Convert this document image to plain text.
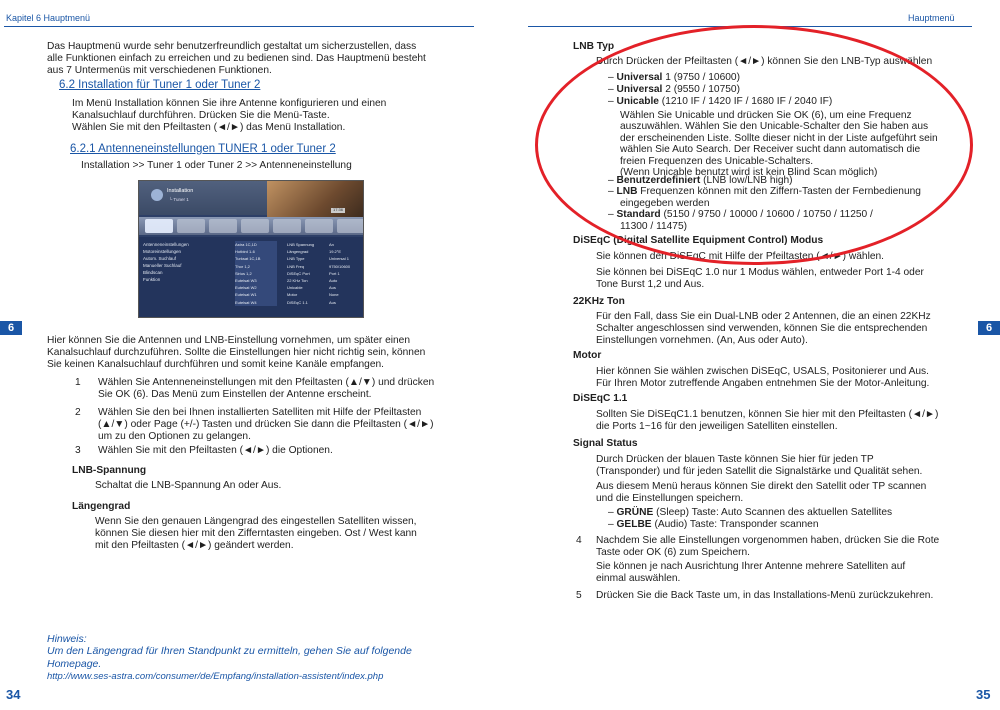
Kapitel 6 Hauptmenü
Das Hauptmenü wurde sehr benutzerfreundlich gestaltat um sicherzustellen, dass
alle Funktionen einfach zu erreichen und zu bedienen sind. Das Hauptmenü besteht
aus 7 Untermenüs mit verschiedenen Funktionen.
6.2 Installation für Tuner 1 oder Tuner 2
Im Menü Installation können Sie ihre Antenne konfigurieren und einen
Kanalsuchlauf durchführen. Drücken Sie die Menü-Taste.
Wählen Sie mit den Pfeiltasten (◄/►) das Menü Installation.
6.2.1 Antenneneinstellungen TUNER 1 oder Tuner 2
Installation >> Tuner 1 oder Tuner 2 >> Antenneneinstellung
Installation
└ Tuner 1
17:36
Antenneneinstellungen
Motoreinstellungen
Autom. Suchlauf
Manueller Suchlauf
Blindscan
Funktion
Astra 1C,1D
Hotbird 1-6
Turksat 1C,1B
Thor 1,2
Sirius 1,2
Eutelsat W3
Eutelsat W2
Eutelsat W1
Eutelsat W4
LNB Spannung
Längengrad
LNB Type
LNB Freq
DiSEqC Port
22 KHz Ton
Unicable
Motor
DiSEqC 1.1
An
19.2°E
Universal 1
9750/10600
Port 1
Auto
Aus
None
Aus
6
Hier können Sie die Antennen und LNB-Einstellung vornehmen, um später einen
Kanalsuchlauf durchzuführen. Sollte die Einstellungen hier nicht richtig sein, können
Sie keinen Kanalsuchlauf durchführen und somit keine Kanäle empfangen.
1 Wählen Sie Antenneneinstellungen mit den Pfeiltasten (▲/▼) und drücken
Sie OK (6). Das Menü zum Einstellen der Antenne erscheint.
2 Wählen Sie den bei Ihnen installierten Satelliten mit Hilfe der Pfeiltasten
(▲/▼) oder Page (+/-) Tasten und drücken Sie dann die Pfeiltasten (◄/►)
um zu den Optionen zu gelangen.
3 Wählen Sie mit den Pfeiltasten (◄/►) die Optionen.
LNB-Spannung
Schaltat die LNB-Spannung An oder Aus.
Längengrad
Wenn Sie den genauen Längengrad des eingestellen Satelliten wissen,
können Sie diesen hier mit den Zifferntasten eingeben. Ost / West kann
mit den Pfeiltasten (◄/►) geändert werden.
Hinweis:
Um den Längengrad für Ihren Standpunkt zu ermitteln, gehen Sie auf folgende
Homepage.
http://www.ses-astra.com/consumer/de/Empfang/installation-assistent/index.php
34
Hauptmenü
LNB Typ
Durch Drücken der Pfeiltasten (◄/►) können Sie den LNB-Typ auswählen
– Universal 1 (9750 / 10600)
– Universal 2 (9550 / 10750)
– Unicable (1210 IF / 1420 IF / 1680 IF / 2040 IF)
Wählen Sie Unicable und drücken Sie OK (6), um eine Frequenz
auszuwählen. Wählen Sie den Unicable-Schalter den Sie haben aus
der erscheinenden Liste. Sollte dieser nicht in der Liste aufgeführt sein
wählen Sie Auto Search. Der Receiver sucht dann automatisch die
freien Frequenzen des Unicable-Schalters.
(Wenn Unicable benutzt wird ist kein Blind Scan möglich)
– Benutzerdefiniert (LNB low/LNB high)
– LNB Frequenzen können mit den Ziffern-Tasten der Fernbedienung
eingegeben werden
– Standard (5150 / 9750 / 10000 / 10600 / 10750 / 11250 /
11300 / 11475)
DiSEqC (Digital Satellite Equipment Control) Modus
Sie können den DiSEqC mit Hilfe der Pfeiltasten (◄/►) wählen.
Sie können bei DiSEqC 1.0 nur 1 Modus wählen, entweder Port 1-4 oder
Tone Burst 1,2 und Aus.
22KHz Ton
Für den Fall, dass Sie ein Dual-LNB oder 2 Antennen, die an einen 22KHz
Schalter angeschlossen sind verwenden, können Sie die entsprechenden
Einstellungen vornehmen. (An, Aus oder Auto).
Motor
Hier können Sie wählen zwischen DiSEqC, USALS, Positonierer und Aus.
Für Ihren Motor zutreffende Angaben entnehmen Sie der Motor-Anleitung.
DiSEqC 1.1
Sollten Sie DiSEqC1.1 benutzen, können Sie hier mit den Pfeiltasten (◄/►)
die Ports 1~16 für den jeweiligen Satelliten einstellen.
Signal Status
Durch Drücken der blauen Taste können Sie hier für jeden TP
(Transponder) und für jeden Satellit die Signalstärke und Qualität sehen.
Aus diesem Menü heraus können Sie direkt den Satellit oder TP scannen
und die Einstellungen speichern.
– GRÜNE (Sleep) Taste: Auto Scannen des aktuellen Satellites
– GELBE (Audio) Taste: Transponder scannen
4 Nachdem Sie alle Einstellungen vorgenommen haben, drücken Sie die Rote
Taste oder OK (6) zum Speichern.
Sie können je nach Ausrichtung Ihrer Antenne mehrere Satelliten auf
einmal auswählen.
5 Drücken Sie die Back Taste um, in das Installations-Menü zurückzukehren.
6
35
